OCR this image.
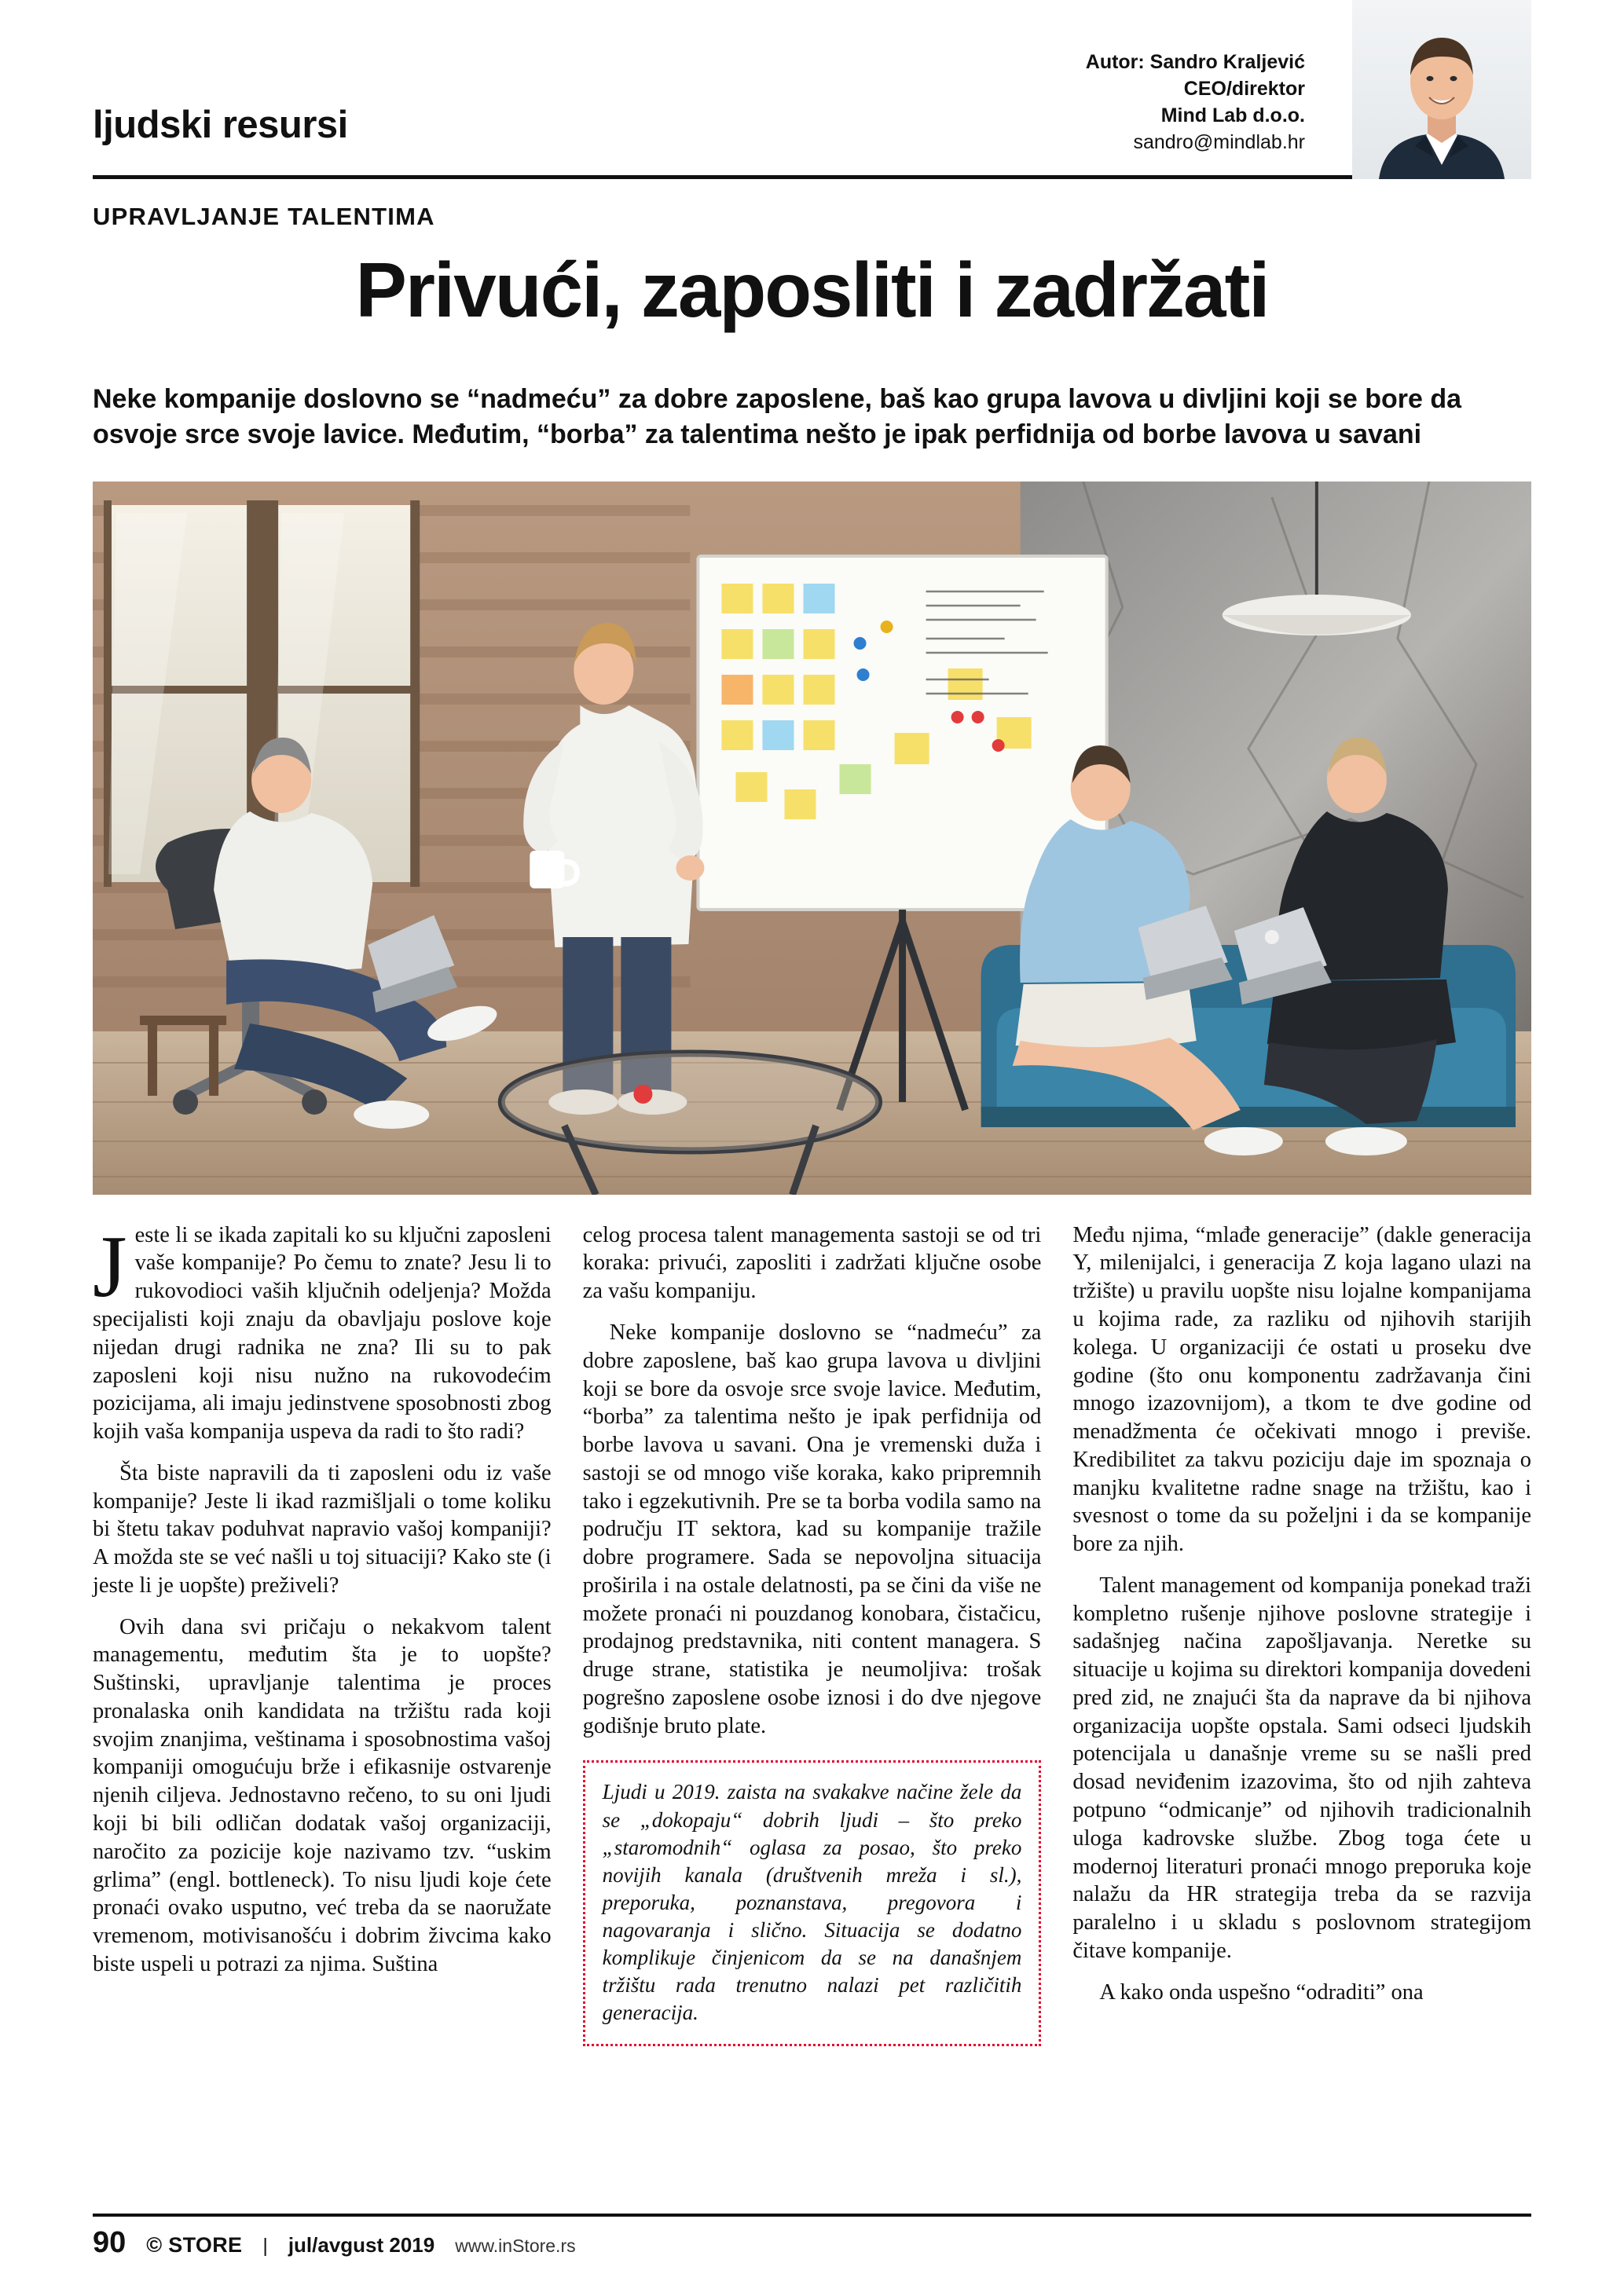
ljudski resursi
Autor: Sandro Kraljević
CEO/direktor
Mind Lab d.o.o.
sandro@mindlab.hr
UPRAVLJANJE TALENTIMA
Privući, zaposliti i zadržati
Neke kompanije doslovno se “nadmeću” za dobre zaposlene, baš kao grupa lavova u divljini koji se bore da osvoje srce svoje lavice. Međutim, “borba” za talentima nešto je ipak perfidnija od borbe lavova u savani

Jeste li se ikada zapitali ko su ključni zaposleni vaše kompanije? Po čemu to znate? Jesu li to rukovodioci vaših ključnih odeljenja? Možda specijalisti koji znaju da obavljaju poslove koje nijedan drugi radnika ne zna? Ili su to pak zaposleni koji nisu nužno na rukovodećim pozicijama, ali imaju jedinstvene sposobnosti zbog kojih vaša kompanija uspeva da radi to što radi?

Šta biste napravili da ti zaposleni odu iz vaše kompanije? Jeste li ikad razmišljali o tome koliku bi štetu takav poduhvat napravio vašoj kompaniji? A možda ste se već našli u toj situaciji? Kako ste (i jeste li je uopšte) preživeli?

Ovih dana svi pričaju o nekakvom talent managementu, međutim šta je to uopšte? Suštinski, upravljanje talentima je proces pronalaska onih kandidata na tržištu rada koji svojim znanjima, veštinama i sposobnostima vašoj kompaniji omogućuju brže i efikasnije ostvarenje njenih ciljeva. Jednostavno rečeno, to su oni ljudi koji bi bili odličan dodatak vašoj organizaciji, naročito za pozicije koje nazivamo tzv. “uskim grlima” (engl. bottleneck). To nisu ljudi koje ćete pronaći ovako usputno, već treba da se naoružate vremenom, motivisanošću i dobrim živcima kako biste uspeli u potrazi za njima. Suština

celog procesa talent managementa sastoji se od tri koraka: privući, zaposliti i zadržati ključne osobe za vašu kompaniju.

Neke kompanije doslovno se “nadmeću” za dobre zaposlene, baš kao grupa lavova u divljini koji se bore da osvoje srce svoje lavice. Međutim, “borba” za talentima nešto je ipak perfidnija od borbe lavova u savani. Ona je vremenski duža i sastoji se od mnogo više koraka, kako pripremnih tako i egzekutivnih. Pre se ta borba vodila samo na području IT sektora, kad su kompanije tražile dobre programere. Sada se nepovoljna situacija proširila i na ostale delatnosti, pa se čini da više ne možete pronaći ni pouzdanog konobara, čistačicu, prodajnog predstavnika, niti content managera. S druge strane, statistika je neumoljiva: trošak pogrešno zaposlene osobe iznosi i do dve njegove godišnje bruto plate.

Ljudi u 2019. zaista na svakakve načine žele da se „dokopaju“ dobrih ljudi – što preko „staromodnih“ oglasa za posao, što preko novijih kanala (društvenih mreža i sl.), preporuka, poznanstava, pregovora i nagovaranja i slično. Situacija se dodatno komplikuje činjenicom da se na današnjem tržištu rada trenutno nalazi pet različitih generacija.

Među njima, “mlađe generacije” (dakle generacija Y, milenijalci, i generacija Z koja lagano ulazi na tržište) u pravilu uopšte nisu lojalne kompanijama u kojima rade, za razliku od njihovih starijih kolega. U organizaciji će ostati u proseku dve godine (što onu komponentu zadržavanja čini mnogo izazovnijom), a tkom te dve godine od menadžmenta će očekivati mnogo i previše. Kredibilitet za takvu poziciju daje im spoznaja o manjku kvalitetne radne snage na tržištu, kao i svesnost o tome da su poželjni i da se kompanije bore za njih.

Talent management od kompanija ponekad traži kompletno rušenje njihove poslovne strategije i sadašnjeg načina zapošljavanja. Neretke su situacije u kojima su direktori kompanija dovedeni pred zid, ne znajući šta da naprave da bi njihova organizacija uopšte opstala. Sami odseci ljudskih potencijala u današnje vreme su se našli pred dosad neviđenim izazovima, što od njih zahteva potpuno “odmicanje” od njihovih tradicionalnih uloga kadrovske službe. Zbog toga ćete u modernoj literaturi pronaći mnogo preporuka koje nalažu da HR strategija treba da se razvija paralelno i u skladu s poslovnom strategijom čitave kompanije.

A kako onda uspešno “odraditi” ona

90 © STORE | jul/avgust 2019 www.inStore.rs
